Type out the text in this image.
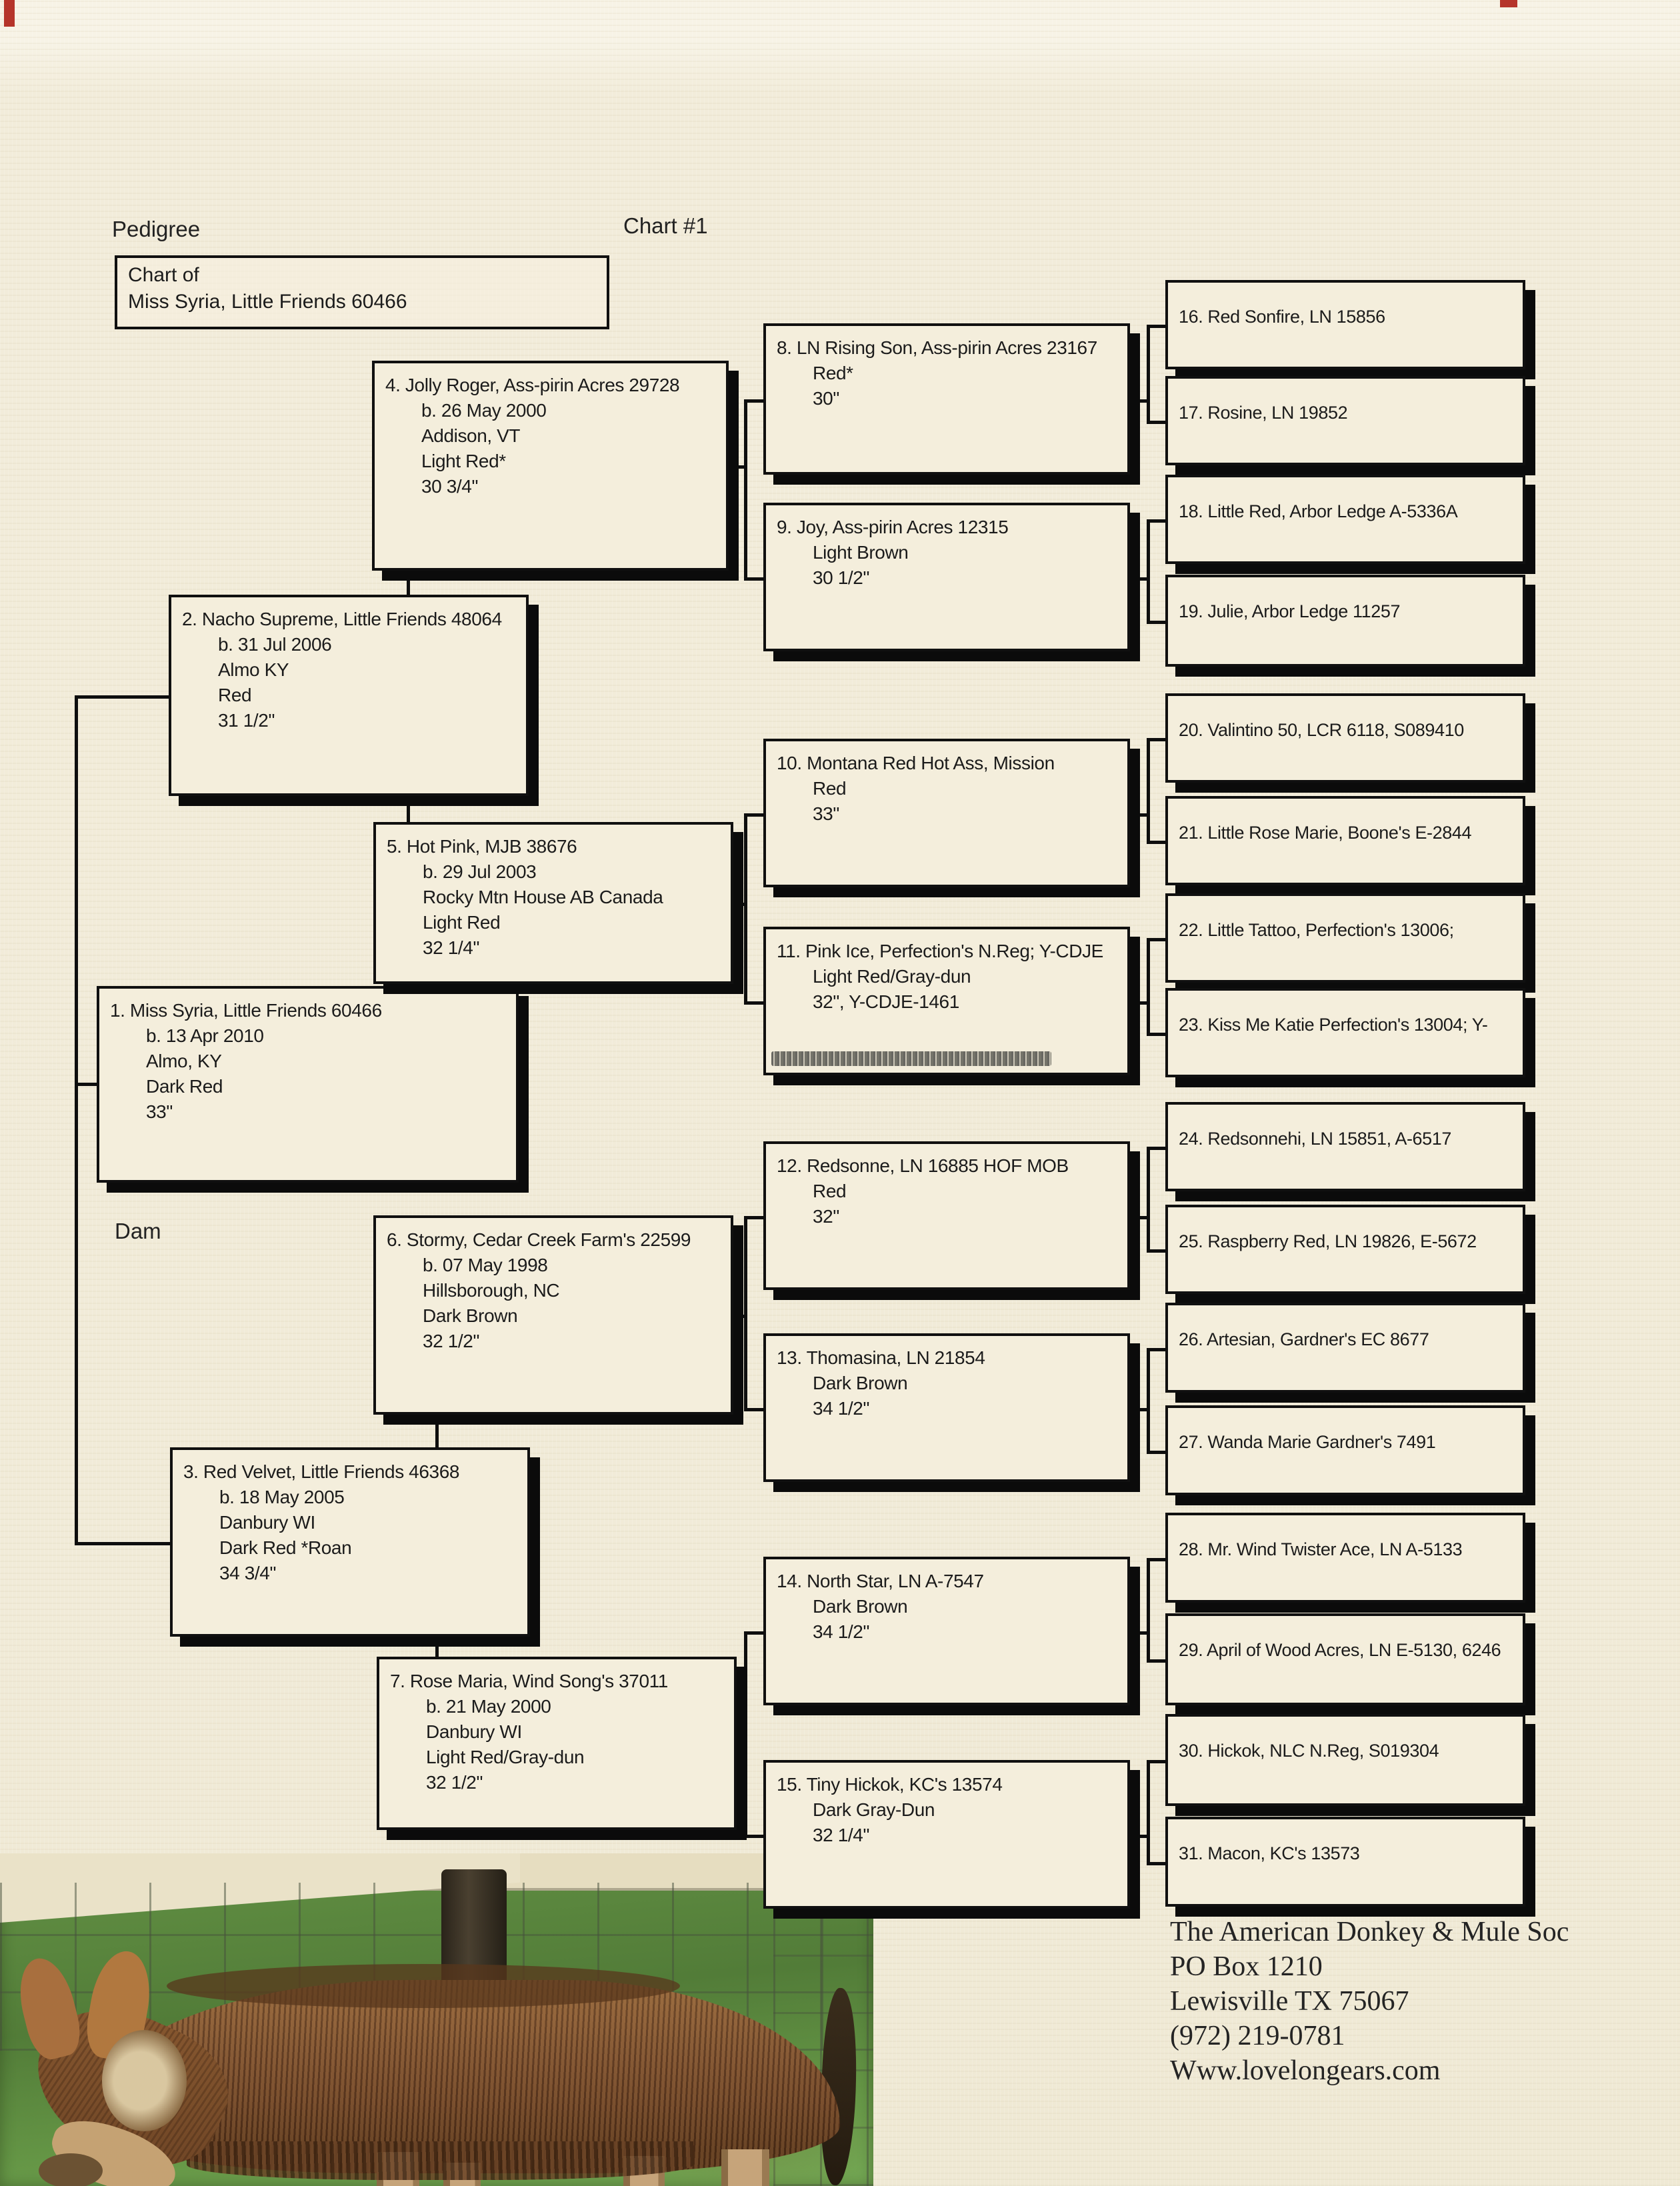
Pedigree	Chart #1
Chart of
Miss Syria, Little Friends 60466
1. Miss Syria, Little Friends 60466
b. 13 Apr 2010
Almo, KY
Dark Red
33"
2. Nacho Supreme, Little Friends 48064
b. 31 Jul 2006
Almo KY
Red
31 1/2"
3. Red Velvet, Little Friends 46368
b. 18 May 2005
Danbury WI
Dark Red *Roan
34 3/4"
4. Jolly Roger, Ass-pirin Acres 29728
b. 26 May 2000
Addison, VT
Light Red*
30 3/4"
5. Hot Pink, MJB 38676
b. 29 Jul 2003
Rocky Mtn House AB Canada
Light Red
32 1/4"
6. Stormy, Cedar Creek Farm's 22599
b. 07 May 1998
Hillsborough, NC
Dark Brown
32 1/2"
7. Rose Maria, Wind Song's 37011
b. 21 May 2000
Danbury WI
Light Red/Gray-dun
32 1/2"
8. LN Rising Son, Ass-pirin Acres 23167
Red*
30"
9. Joy, Ass-pirin Acres 12315
Light Brown
30 1/2"
10. Montana Red Hot Ass, Mission
Red
33"
11. Pink Ice, Perfection's N.Reg; Y-CDJE
Light Red/Gray-dun
32", Y-CDJE-1461
12. Redsonne, LN 16885 HOF MOB
Red
32"
13. Thomasina, LN 21854
Dark Brown
34 1/2"
14. North Star, LN A-7547
Dark Brown
34 1/2"
15. Tiny Hickok, KC's 13574
Dark Gray-Dun
32 1/4"
16. Red Sonfire, LN 15856
17. Rosine, LN 19852
18. Little Red, Arbor Ledge A-5336A
19. Julie, Arbor Ledge 11257
20. Valintino 50, LCR 6118, S089410
21. Little Rose Marie, Boone's E-2844
22. Little Tattoo, Perfection's 13006;
23. Kiss Me Katie Perfection's 13004; Y-
24. Redsonnehi, LN 15851, A-6517
25. Raspberry Red, LN 19826, E-5672
26. Artesian, Gardner's EC 8677
27. Wanda Marie Gardner's 7491
28. Mr. Wind Twister Ace, LN A-5133
29. April of Wood Acres, LN E-5130, 6246
30. Hickok, NLC N.Reg, S019304
31. Macon, KC's 13573
Dam
The American Donkey & Mule Soc
PO Box 1210
Lewisville TX 75067
(972) 219-0781
Www.lovelongears.com
